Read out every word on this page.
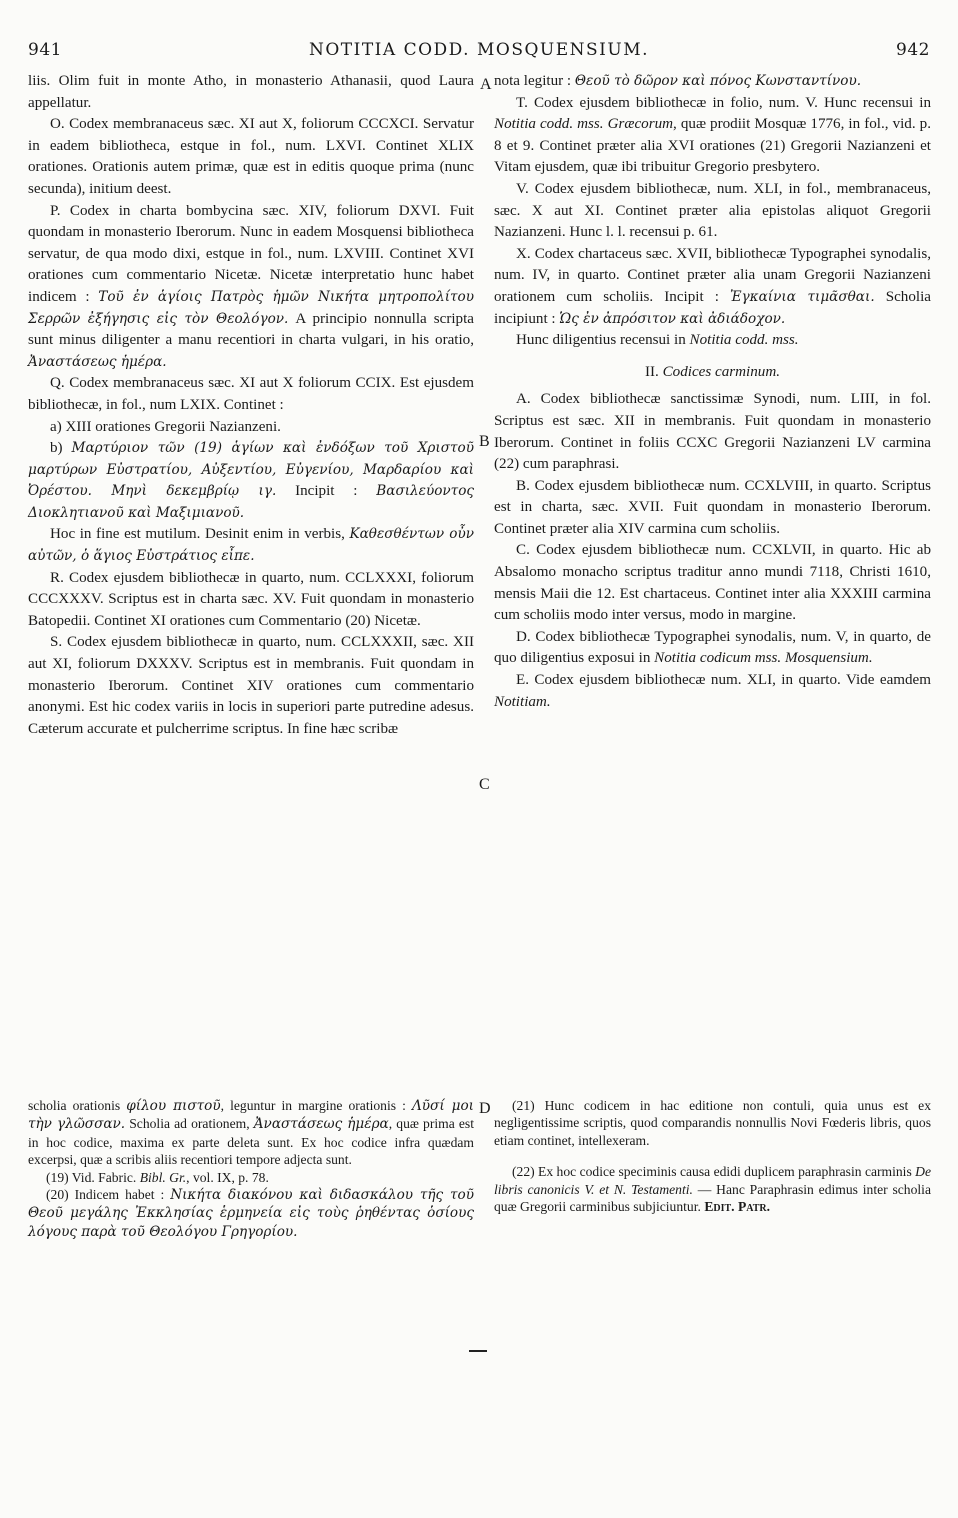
941	NOTITIA CODD. MOSQUENSIUM.	942
A
B
C
D

liis. Olim fuit in monte Atho, in monasterio Athanasii, quod Laura appellatur.

O. Codex membranaceus sæc. XI aut X, foliorum CCCXCI. Servatur in eadem bibliotheca, estque in fol., num. LXVI. Continet XLIX orationes. Orationis autem primæ, quæ est in editis quoque prima (nunc secunda), initium deest.

P. Codex in charta bombycina sæc. XIV, foliorum DXVI. Fuit quondam in monasterio Iberorum. Nunc in eadem Mosquensi bibliotheca servatur, de qua modo dixi, estque in fol., num. LXVIII. Continet XVI orationes cum commentario Nicetæ. Nicetæ interpretatio hunc habet indicem : Τοῦ ἐν ἁγίοις Πατρὸς ἡμῶν Νικήτα μητροπολίτου Σερρῶν ἐξήγησις εἰς τὸν Θεολόγον. A principio nonnulla scripta sunt minus diligenter a manu recentiori in charta vulgari, in his oratio, Ἀναστάσεως ἡμέρα.

Q. Codex membranaceus sæc. XI aut X foliorum CCIX. Est ejusdem bibliothecæ, in fol., num LXIX. Continet :

a) XIII orationes Gregorii Nazianzeni.

b) Μαρτύριον τῶν (19) ἁγίων καὶ ἐνδόξων τοῦ Χριστοῦ μαρτύρων Εὐστρατίου, Αὐξεντίου, Εὐγενίου, Μαρδαρίου καὶ Ὀρέστου. Μηνὶ δεκεμβρίῳ ιγ. Incipit : Βασιλεύοντος Διοκλητιανοῦ καὶ Μαξιμιανοῦ.

Hoc in fine est mutilum. Desinit enim in verbis, Καθεσθέντων οὖν αὐτῶν, ὁ ἅγιος Εὐστράτιος εἶπε.

R. Codex ejusdem bibliothecæ in quarto, num. CCLXXXI, foliorum CCCXXXV. Scriptus est in charta sæc. XV. Fuit quondam in monasterio Batopedii. Continet XI orationes cum Commentario (20) Nicetæ.

S. Codex ejusdem bibliothecæ in quarto, num. CCLXXXII, sæc. XII aut XI, foliorum DXXXV. Scriptus est in membranis. Fuit quondam in monasterio Iberorum. Continet XIV orationes cum commentario anonymi. Est hic codex variis in locis in superiori parte putredine adesus. Cæterum accurate et pulcherrime scriptus. In fine hæc scribæ

nota legitur : Θεοῦ τὸ δῶρον καὶ πόνος Κωνσταντίνου.

T. Codex ejusdem bibliothecæ in folio, num. V. Hunc recensui in Notitia codd. mss. Græcorum, quæ prodiit Mosquæ 1776, in fol., vid. p. 8 et 9. Continet præter alia XVI orationes (21) Gregorii Nazianzeni et Vitam ejusdem, quæ ibi tribuitur Gregorio presbytero.

V. Codex ejusdem bibliothecæ, num. XLI, in fol., membranaceus, sæc. X aut XI. Continet præter alia epistolas aliquot Gregorii Nazianzeni. Hunc l. l. recensui p. 61.

X. Codex chartaceus sæc. XVII, bibliothecæ Typographei synodalis, num. IV, in quarto. Continet præter alia unam Gregorii Nazianzeni orationem cum scholiis. Incipit : Ἐγκαίνια τιμᾶσθαι. Scholia incipiunt : Ὡς ἐν ἀπρόσιτον καὶ ἀδιάδοχον.

Hunc diligentius recensui in Notitia codd. mss.

II. Codices carminum.

A. Codex bibliothecæ sanctissimæ Synodi, num. LIII, in fol. Scriptus est sæc. XII in membranis. Fuit quondam in monasterio Iberorum. Continet in foliis CCXC Gregorii Nazianzeni LV carmina (22) cum paraphrasi.

B. Codex ejusdem bibliothecæ num. CCXLVIII, in quarto. Scriptus est in charta, sæc. XVII. Fuit quondam in monasterio Iberorum. Continet præter alia XIV carmina cum scholiis.

C. Codex ejusdem bibliothecæ num. CCXLVII, in quarto. Hic ab Absalomo monacho scriptus traditur anno mundi 7118, Christi 1610, mensis Maii die 12. Est chartaceus. Continet inter alia XXXIII carmina cum scholiis modo inter versus, modo in margine.

D. Codex bibliothecæ Typographei synodalis, num. V, in quarto, de quo diligentius exposui in Notitia codicum mss. Mosquensium.

E. Codex ejusdem bibliothecæ num. XLI, in quarto. Vide eamdem Notitiam.

scholia orationis φίλου πιστοῦ, leguntur in margine orationis : Λῦσί μοι τὴν γλῶσσαν. Scholia ad orationem, Ἀναστάσεως ἡμέρα, quæ prima est in hoc codice, maxima ex parte deleta sunt. Ex hoc codice infra quædam excerpsi, quæ a scribis aliis recentiori tempore adjecta sunt.

(19) Vid. Fabric. Bibl. Gr., vol. IX, p. 78.

(20) Indicem habet : Νικήτα διακόνου καὶ διδασκάλου τῆς τοῦ Θεοῦ μεγάλης Ἐκκλησίας ἑρμηνεία εἰς τοὺς ῥηθέντας ὁσίους λόγους παρὰ τοῦ Θεολόγου Γρηγορίου.

(21) Hunc codicem in hac editione non contuli, quia unus est ex negligentissime scriptis, quod comparandis nonnullis Novi Fœderis libris, quos etiam continet, intellexeram.

(22) Ex hoc codice speciminis causa edidi duplicem paraphrasin carminis De libris canonicis V. et N. Testamenti. — Hanc Paraphrasin edimus inter scholia quæ Gregorii carminibus subjiciuntur. Edit. Patr.
